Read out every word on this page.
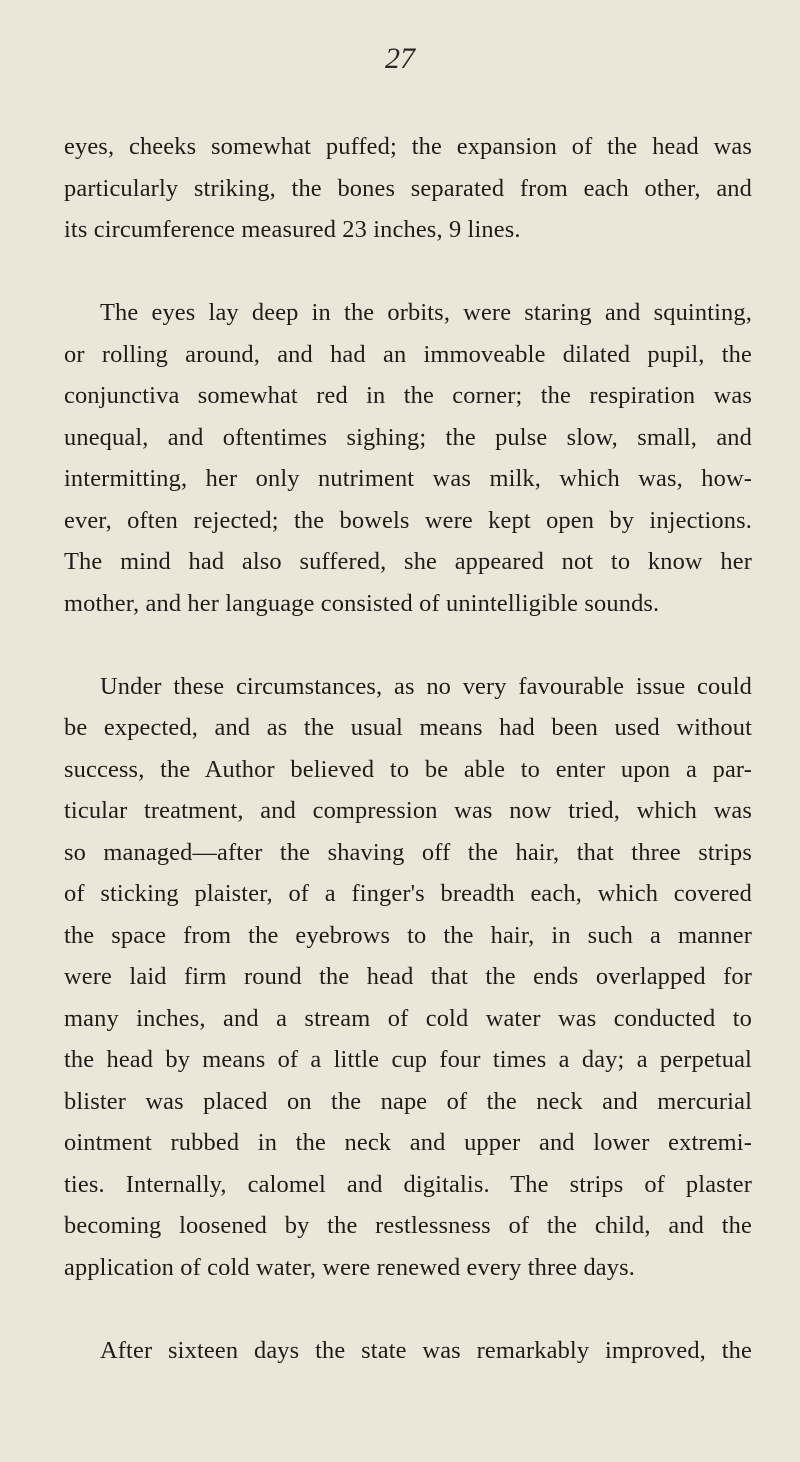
27

eyes, cheeks somewhat puffed; the expansion of the head was
particularly striking, the bones separated from each other, and
its circumference measured 23 inches, 9 lines.

The eyes lay deep in the orbits, were staring and squinting,
or rolling around, and had an immoveable dilated pupil, the
conjunctiva somewhat red in the corner; the respiration was
unequal, and oftentimes sighing; the pulse slow, small, and
intermitting, her only nutriment was milk, which was, how-
ever, often rejected; the bowels were kept open by injections.
The mind had also suffered, she appeared not to know her
mother, and her language consisted of unintelligible sounds.

Under these circumstances, as no very favourable issue could
be expected, and as the usual means had been used without
success, the Author believed to be able to enter upon a par-
ticular treatment, and compression was now tried, which was
so managed—after the shaving off the hair, that three strips
of sticking plaister, of a finger's breadth each, which covered
the space from the eyebrows to the hair, in such a manner
were laid firm round the head that the ends overlapped for
many inches, and a stream of cold water was conducted to
the head by means of a little cup four times a day; a perpetual
blister was placed on the nape of the neck and mercurial
ointment rubbed in the neck and upper and lower extremi-
ties. Internally, calomel and digitalis. The strips of plaster
becoming loosened by the restlessness of the child, and the
application of cold water, were renewed every three days.

After sixteen days the state was remarkably improved, the
